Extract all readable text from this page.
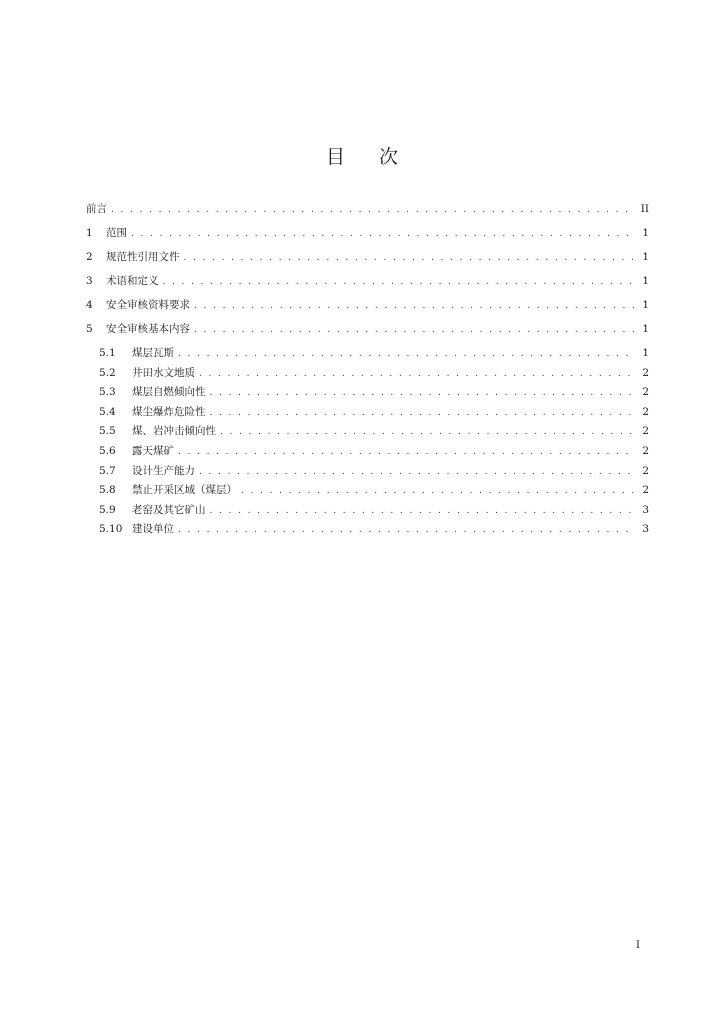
目 次
前言 . . .	II
1	范围 . . .	1
2	规范性引用文件 . . .	1
3	术语和定义 . . .	1
4	安全审核资料要求 . . .	1
5	安全审核基本内容 . . .	1
5.1	煤层瓦斯 . . .	1
5.2	井田水文地质 . . .	2
5.3	煤层自燃倾向性 . . .	2
5.4	煤尘爆炸危险性 . . .	2
5.5	煤、岩冲击倾向性 . . .	2
5.6	露天煤矿 . . .	2
5.7	设计生产能力 . . .	2
5.8	禁止开采区域（煤层） . . .	2
5.9	老窑及其它矿山 . . .	3
5.10 建设单位 . . .	3
I
